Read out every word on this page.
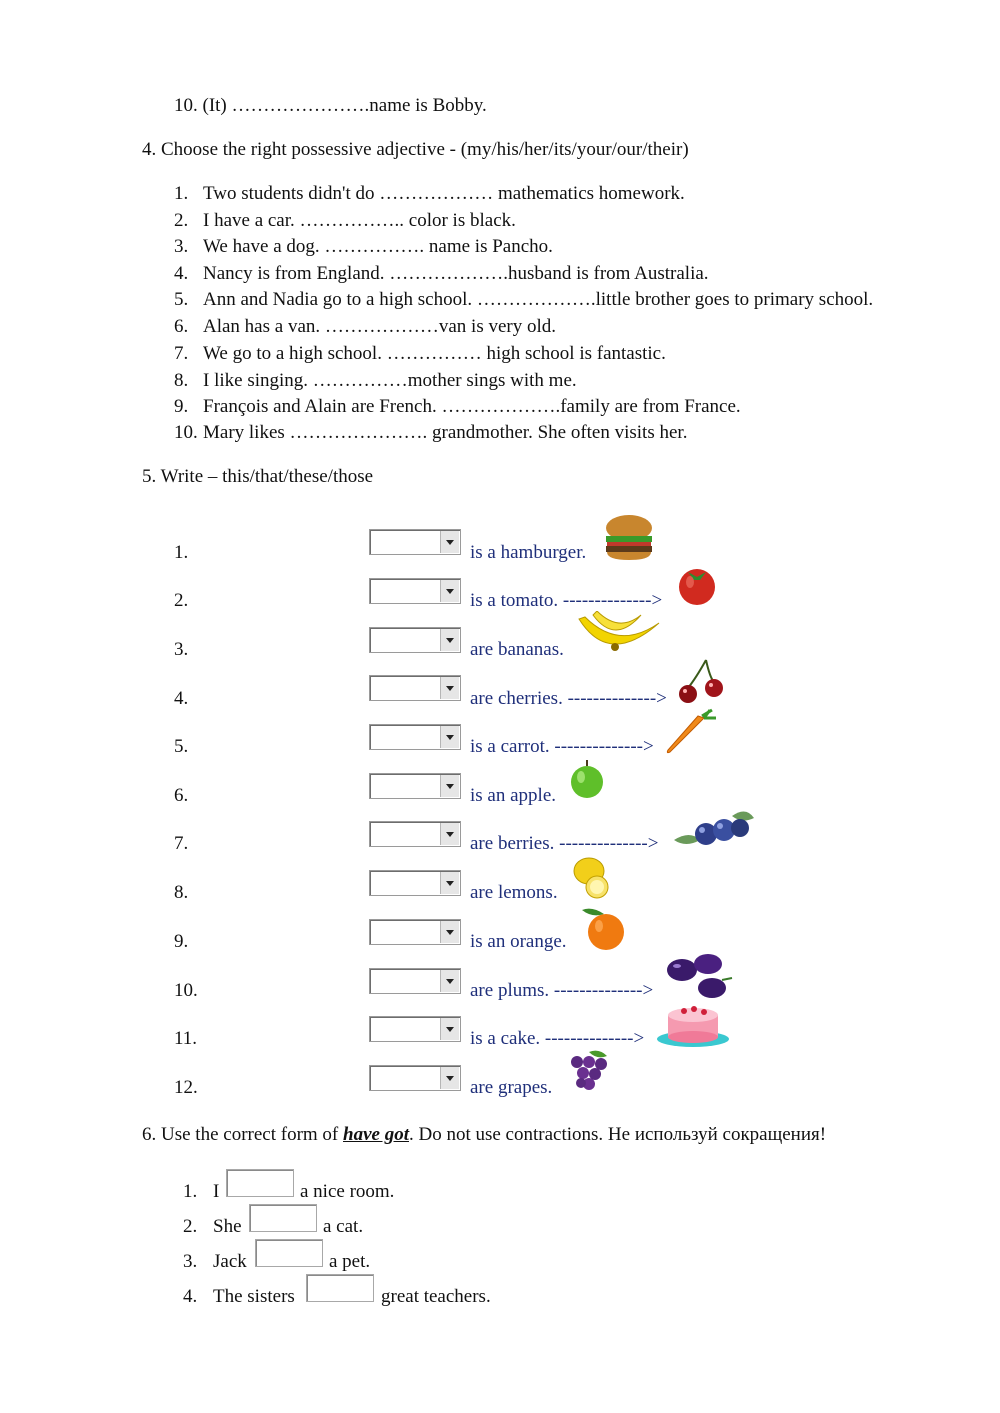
10. (It) ………………….name is Bobby.
4. Choose the right possessive adjective - (my/his/her/its/your/our/their)
1. Two students didn't do ……………… mathematics homework.
2. I have a car. …………….. color is black.
3. We have a dog. ……………. name is Pancho.
4. Nancy is from England. ……………….husband is from Australia.
5. Ann and Nadia go to a high school. ……………….little brother goes to primary school.
6. Alan has a van. ………………van is very old.
7. We go to a high school. …………… high school is fantastic.
8. I like singing. ……………mother sings with me.
9. François and Alain are French. ……………….family are from France.
10. Mary likes …………………. grandmother. She often visits her.
5. Write – this/that/these/those
1.	is a hamburger.
2.	is a tomato. -------------->
3.	are bananas.
4.	are cherries. -------------->
5.	is a carrot. -------------->
6.	is an apple.
7.	are berries. -------------->
8.	are lemons.
9.	is an orange.
10.	are plums. -------------->
11.	is a cake. -------------->
12.	are grapes.
6. Use the correct form of have got. Do not use contractions. Не используй сокращения!
1. I	a nice room.
2. She	a cat.
3. Jack	a pet.
4. The sisters	great teachers.
